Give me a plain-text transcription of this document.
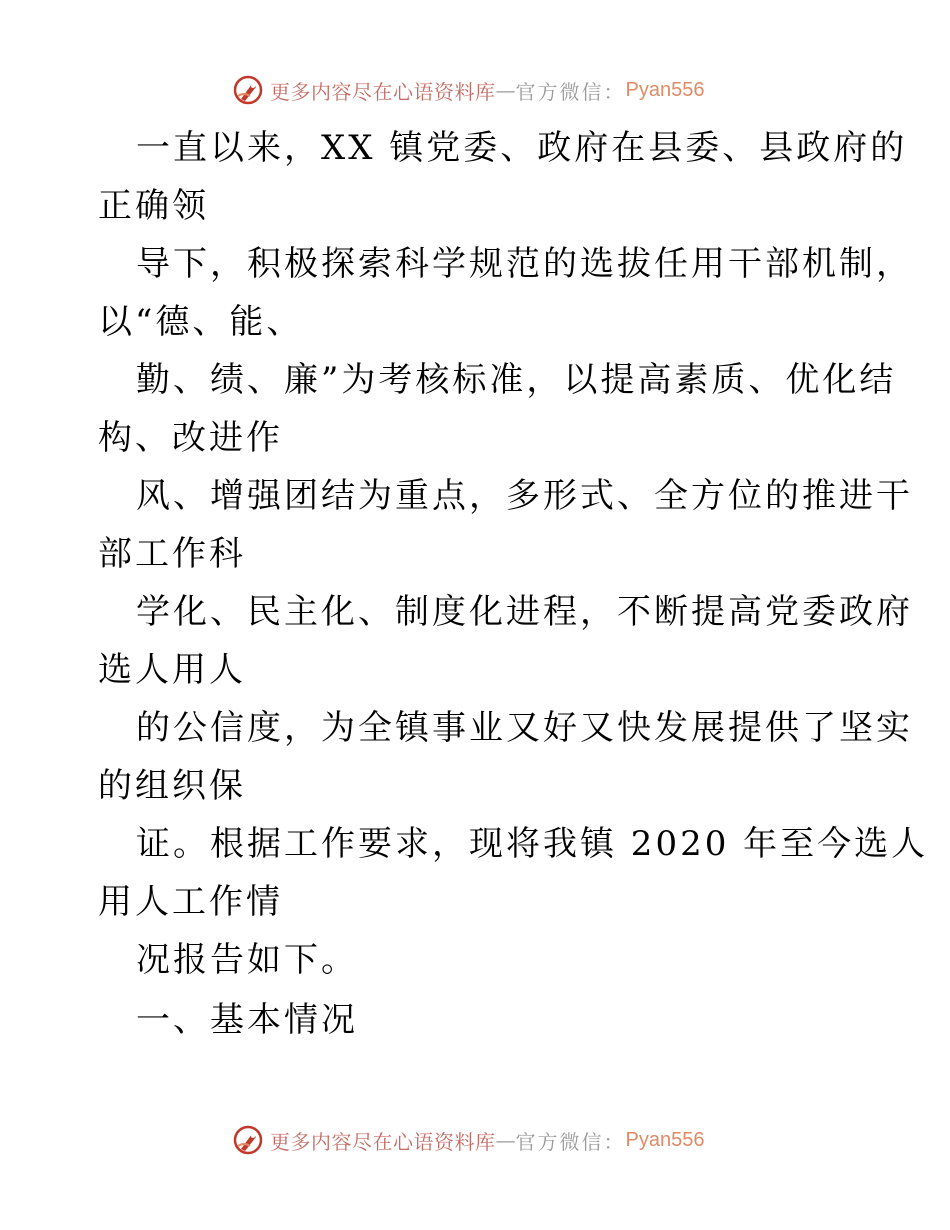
更多内容尽在心语资料库 — 官方微信： Pyan556
一直以来，XX 镇党委、政府在县委、县政府的
正确领
导下，积极探索科学规范的选拔任用干部机制，
以“德、能、
勤、绩、廉”为考核标准，以提高素质、优化结
构、改进作
风、增强团结为重点，多形式、全方位的推进干
部工作科
学化、民主化、制度化进程，不断提高党委政府
选人用人
的公信度，为全镇事业又好又快发展提供了坚实
的组织保
证。根据工作要求，现将我镇 2020 年至今选人
用人工作情
况报告如下。
一、基本情况
更多内容尽在心语资料库 — 官方微信： Pyan556
